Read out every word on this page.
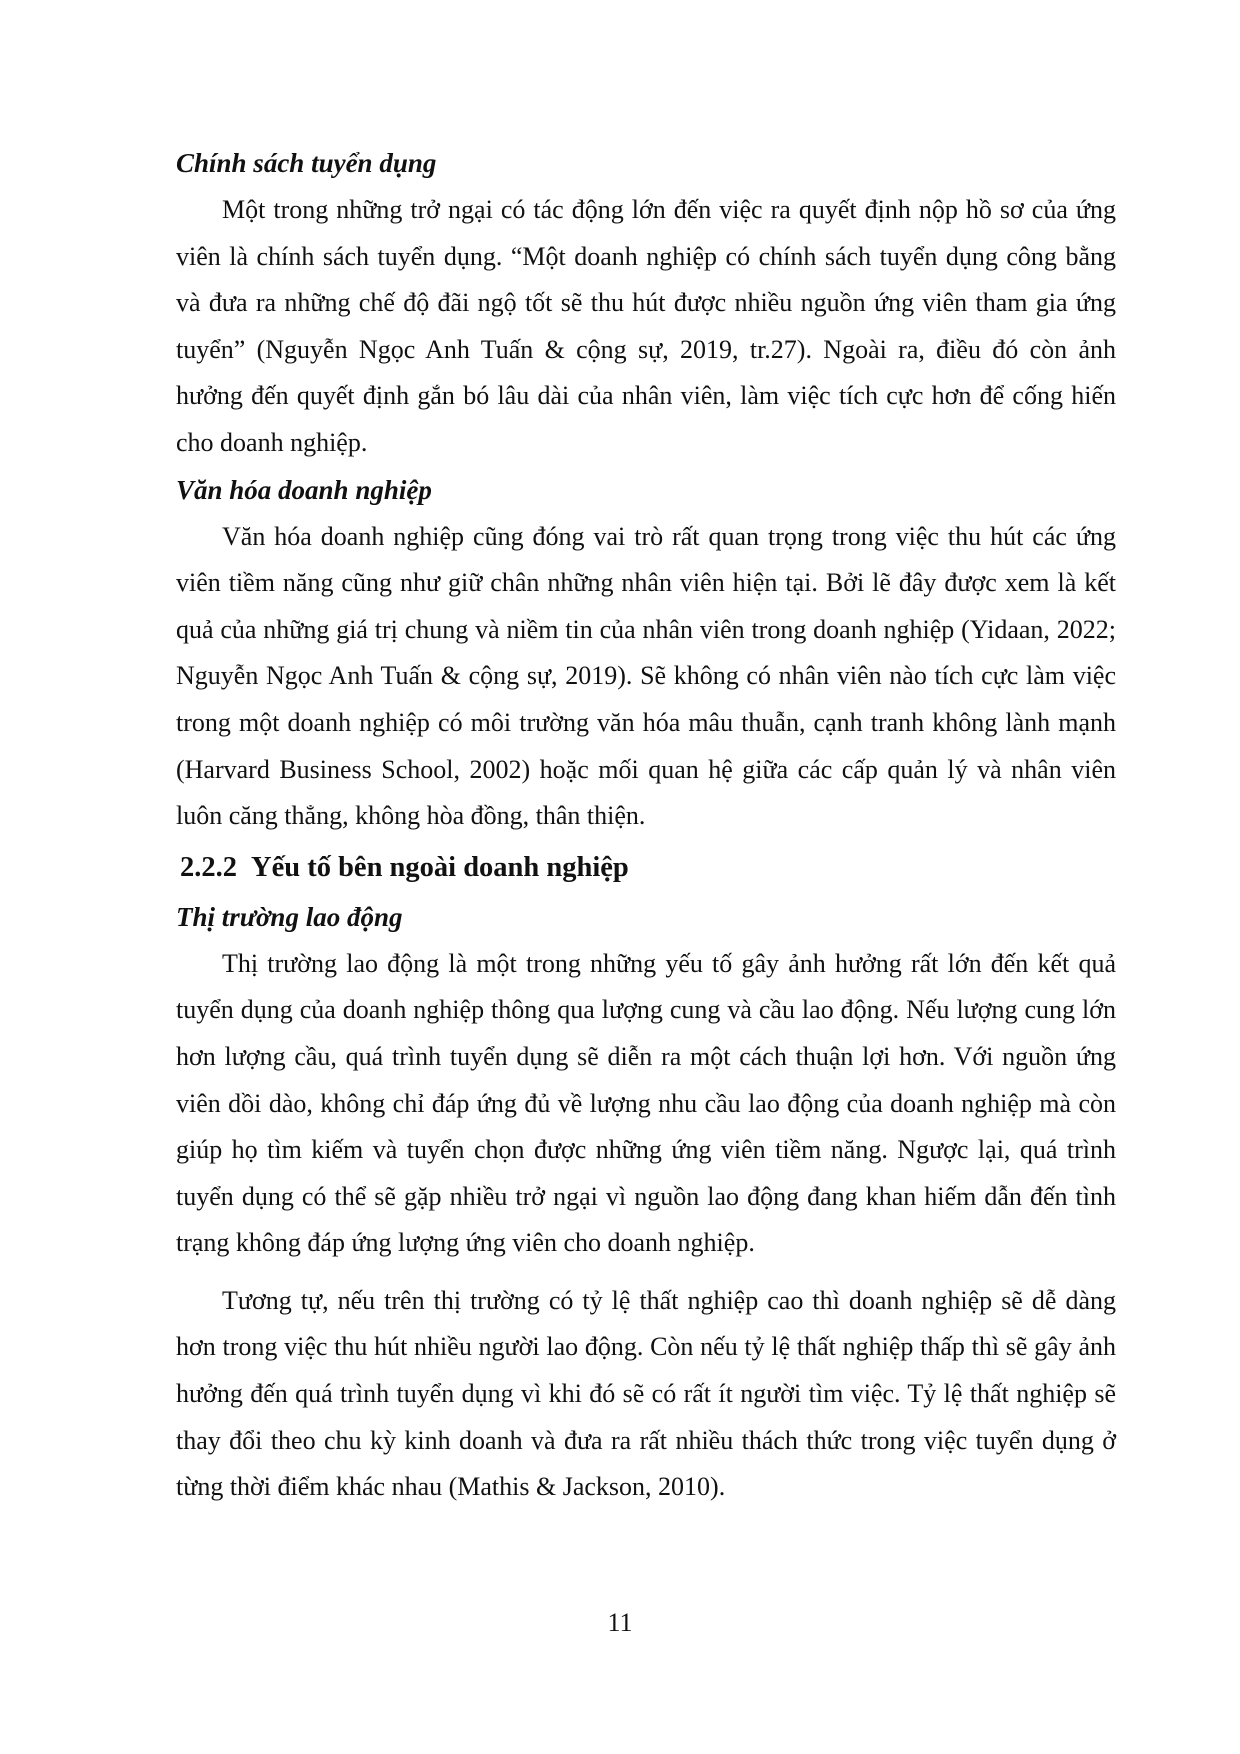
Chính sách tuyển dụng

Một trong những trở ngại có tác động lớn đến việc ra quyết định nộp hồ sơ của ứng viên là chính sách tuyển dụng. “Một doanh nghiệp có chính sách tuyển dụng công bằng và đưa ra những chế độ đãi ngộ tốt sẽ thu hút được nhiều nguồn ứng viên tham gia ứng tuyển” (Nguyễn Ngọc Anh Tuấn & cộng sự, 2019, tr.27). Ngoài ra, điều đó còn ảnh hưởng đến quyết định gắn bó lâu dài của nhân viên, làm việc tích cực hơn để cống hiến cho doanh nghiệp.

Văn hóa doanh nghiệp

Văn hóa doanh nghiệp cũng đóng vai trò rất quan trọng trong việc thu hút các ứng viên tiềm năng cũng như giữ chân những nhân viên hiện tại. Bởi lẽ đây được xem là kết quả của những giá trị chung và niềm tin của nhân viên trong doanh nghiệp (Yidaan, 2022; Nguyễn Ngọc Anh Tuấn & cộng sự, 2019). Sẽ không có nhân viên nào tích cực làm việc trong một doanh nghiệp có môi trường văn hóa mâu thuẫn, cạnh tranh không lành mạnh (Harvard Business School, 2002) hoặc mối quan hệ giữa các cấp quản lý và nhân viên luôn căng thẳng, không hòa đồng, thân thiện.

2.2.2 Yếu tố bên ngoài doanh nghiệp
Thị trường lao động

Thị trường lao động là một trong những yếu tố gây ảnh hưởng rất lớn đến kết quả tuyển dụng của doanh nghiệp thông qua lượng cung và cầu lao động. Nếu lượng cung lớn hơn lượng cầu, quá trình tuyển dụng sẽ diễn ra một cách thuận lợi hơn. Với nguồn ứng viên dồi dào, không chỉ đáp ứng đủ về lượng nhu cầu lao động của doanh nghiệp mà còn giúp họ tìm kiếm và tuyển chọn được những ứng viên tiềm năng. Ngược lại, quá trình tuyển dụng có thể sẽ gặp nhiều trở ngại vì nguồn lao động đang khan hiếm dẫn đến tình trạng không đáp ứng lượng ứng viên cho doanh nghiệp.

Tương tự, nếu trên thị trường có tỷ lệ thất nghiệp cao thì doanh nghiệp sẽ dễ dàng hơn trong việc thu hút nhiều người lao động. Còn nếu tỷ lệ thất nghiệp thấp thì sẽ gây ảnh hưởng đến quá trình tuyển dụng vì khi đó sẽ có rất ít người tìm việc. Tỷ lệ thất nghiệp sẽ thay đổi theo chu kỳ kinh doanh và đưa ra rất nhiều thách thức trong việc tuyển dụng ở từng thời điểm khác nhau (Mathis & Jackson, 2010).

11
